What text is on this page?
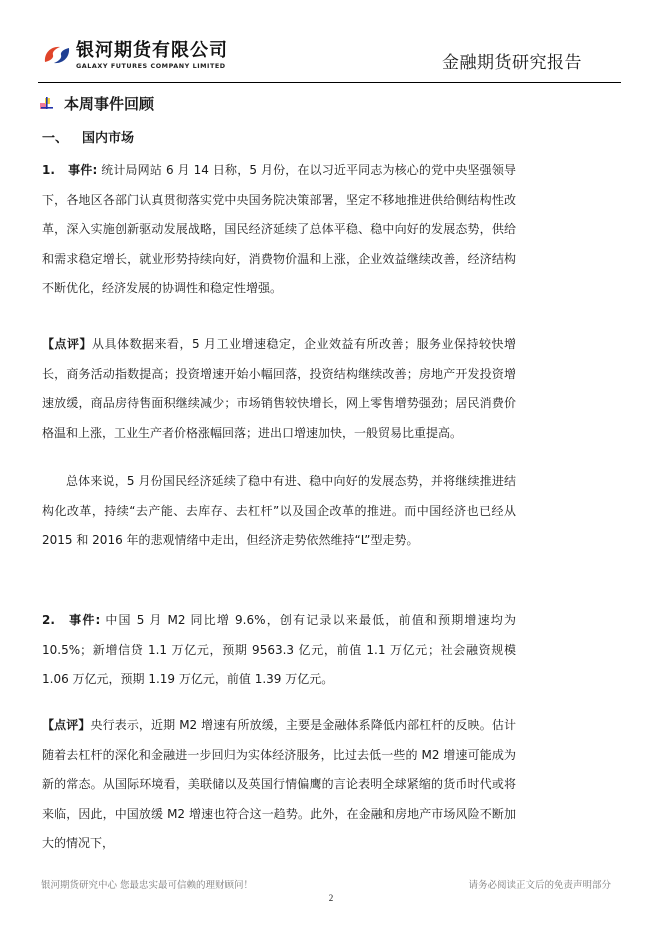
银河期货有限公司
GALAXY FUTURES COMPANY LIMITED	金融期货研究报告
本周事件回顾
一、	国内市场
1. 事件: 统计局网站 6 月 14 日称，5 月份，在以习近平同志为核心的党中央坚强领导下，各地区各部门认真贯彻落实党中央国务院决策部署，坚定不移地推进供给侧结构性改革，深入实施创新驱动发展战略，国民经济延续了总体平稳、稳中向好的发展态势，供给和需求稳定增长，就业形势持续向好，消费物价温和上涨，企业效益继续改善，经济结构不断优化，经济发展的协调性和稳定性增强。
【点评】从具体数据来看，5 月工业增速稳定，企业效益有所改善；服务业保持较快增长，商务活动指数提高；投资增速开始小幅回落，投资结构继续改善；房地产开发投资增速放缓，商品房待售面积继续减少；市场销售较快增长，网上零售增势强劲；居民消费价格温和上涨，工业生产者价格涨幅回落；进出口增速加快，一般贸易比重提高。
总体来说，5 月份国民经济延续了稳中有进、稳中向好的发展态势，并将继续推进结构化改革，持续“去产能、去库存、去杠杆”以及国企改革的推进。而中国经济也已经从 2015 和 2016 年的悲观情绪中走出，但经济走势依然维持“L”型走势。
2. 事件: 中国 5 月 M2 同比增 9.6%，创有记录以来最低，前值和预期增速均为 10.5%；新增信贷 1.1 万亿元，预期 9563.3 亿元，前值 1.1 万亿元；社会融资规模 1.06 万亿元，预期 1.19 万亿元，前值 1.39 万亿元。
【点评】央行表示，近期 M2 增速有所放缓，主要是金融体系降低内部杠杆的反映。估计随着去杠杆的深化和金融进一步回归为实体经济服务，比过去低一些的 M2 增速可能成为新的常态。从国际环境看，美联储以及英国行情偏鹰的言论表明全球紧缩的货币时代或将来临，因此，中国放缓 M2 增速也符合这一趋势。此外，在金融和房地产市场风险不断加大的情况下，
银河期货研究中心 您最忠实最可信赖的理财顾问！	请务必阅读正文后的免责声明部分
2
